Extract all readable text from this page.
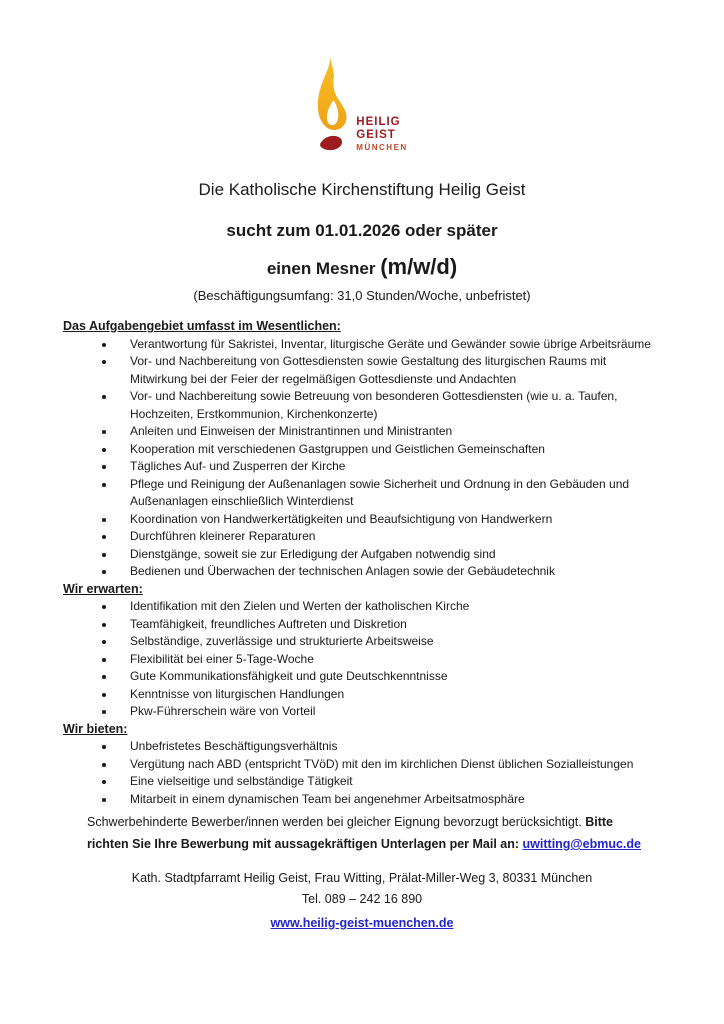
HEILIG
GEIST
MÜNCHEN
Die Katholische Kirchenstiftung Heilig Geist
sucht zum 01.01.2026 oder später
einen Mesner (m/w/d)
(Beschäftigungsumfang: 31,0 Stunden/Woche, unbefristet)
Das Aufgabengebiet umfasst im Wesentlichen:
Verantwortung für Sakristei, Inventar, liturgische Geräte und Gewänder sowie übrige Arbeitsräume
Vor- und Nachbereitung von Gottesdiensten sowie Gestaltung des liturgischen Raums mit Mitwirkung bei der Feier der regelmäßigen Gottesdienste und Andachten
Vor- und Nachbereitung sowie Betreuung von besonderen Gottesdiensten (wie u. a. Taufen, Hochzeiten, Erstkommunion, Kirchenkonzerte)
Anleiten und Einweisen der Ministrantinnen und Ministranten
Kooperation mit verschiedenen Gastgruppen und Geistlichen Gemeinschaften
Tägliches Auf- und Zusperren der Kirche
Pflege und Reinigung der Außenanlagen sowie Sicherheit und Ordnung in den Gebäuden und Außenanlagen einschließlich Winterdienst
Koordination von Handwerkertätigkeiten und Beaufsichtigung von Handwerkern
Durchführen kleinerer Reparaturen
Dienstgänge, soweit sie zur Erledigung der Aufgaben notwendig sind
Bedienen und Überwachen der technischen Anlagen sowie der Gebäudetechnik
Wir erwarten:
Identifikation mit den Zielen und Werten der katholischen Kirche
Teamfähigkeit, freundliches Auftreten und Diskretion
Selbständige, zuverlässige und strukturierte Arbeitsweise
Flexibilität bei einer 5-Tage-Woche
Gute Kommunikationsfähigkeit und gute Deutschkenntnisse
Kenntnisse von liturgischen Handlungen
Pkw-Führerschein wäre von Vorteil
Wir bieten:
Unbefristetes Beschäftigungsverhältnis
Vergütung nach ABD (entspricht TVöD) mit den im kirchlichen Dienst üblichen Sozialleistungen
Eine vielseitige und selbständige Tätigkeit
Mitarbeit in einem dynamischen Team bei angenehmer Arbeitsatmosphäre

Schwerbehinderte Bewerber/innen werden bei gleicher Eignung bevorzugt berücksichtigt. Bitte richten Sie Ihre Bewerbung mit aussagekräftigen Unterlagen per Mail an: uwitting@ebmuc.de

Kath. Stadtpfarramt Heilig Geist, Frau Witting, Prälat-Miller-Weg 3, 80331 München
Tel. 089 – 242 16 890
www.heilig-geist-muenchen.de
